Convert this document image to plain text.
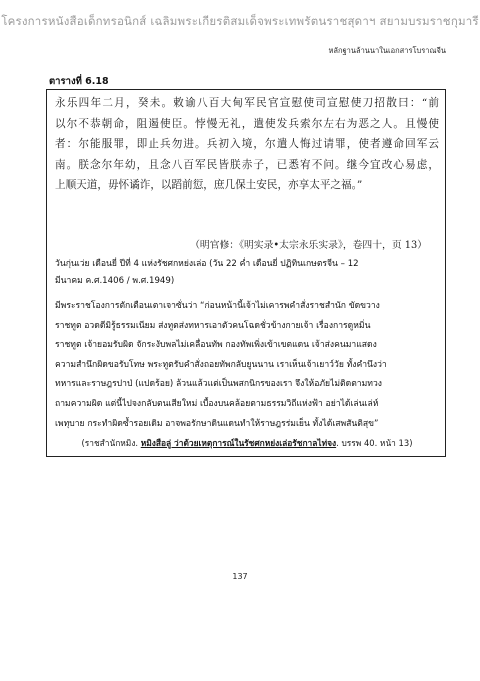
โครงการหนังสือเด็กทรอนิกส์ เฉลิมพระเกียรติสมเด็จพระเทพรัตนราชสุดาฯ สยามบรมราชกุมารี
หลักฐานล้านนาในเอกสารโบราณจีน
ตารางที่ 6.18
永乐四年二月，癸未。敕谕八百大甸军民官宣慰使司宣慰使刀招散曰：“前
以尔不恭朝命，阻遏使臣。悖慢无礼，遣使发兵索尔左右为恶之人。且慢使
者：尔能服罪，即止兵勿进。兵初入境，尔遣人悔过请罪，使者遵命回军云
南。朕念尔年幼，且念八百军民皆朕赤子，已悉宥不问。继今宜改心易虑，
上顺天道，毋怀谲诈，以蹈前愆，庶几保土安民，亦享太平之福。”
（明官修：《明实录•太宗永乐实录》，卷四十，页 13）
วันกุ่นเว่ย เดือนยี่ ปีที่ 4 แห่งรัชศกหย่งเล่อ (วัน 22 ค่ำ เดือนยี่ ปฏิทินเกษตรจีน – 12
มีนาคม ค.ศ.1406 / พ.ศ.1949)
มีพระราชโองการตักเตือนเตาเจาซั่นว่า “ก่อนหน้านี้เจ้าไม่เคารพคำสั่งราชสำนัก ขัดขวาง
ราชทูต อวดดีมิรู้ธรรมเนียม ส่งทูตส่งทหารเอาตัวคนโฉดชั่วข้างกายเจ้า เรื่องการดูหมิ่น
ราชทูต เจ้ายอมรับผิด จักระงับพลไม่เคลื่อนทัพ กองทัพเพิ่งเข้าเขตแดน เจ้าส่งคนมาแสดง
ความสำนึกผิดขอรับโทษ พระทูตรับคำสั่งถอยทัพกลับยูนนาน เราเห็นเจ้าเยาว์วัย ทั้งคำนึงว่า
ทหารและราษฎรปาป่ (แปดร้อย) ล้วนแล้วแต่เป็นพสกนิกรของเรา จึงให้อภัยไม่ติดตามทวง
ถามความผิด แต่นี้ไปจงกลับตนเสียใหม่ เบื้องบนคล้อยตามธรรมวิถีแห่งฟ้า อย่าได้เล่นเล่ห์
เพทุบาย กระทำผิดซ้ำรอยเดิม อาจพอรักษาดินแดนทำให้ราษฎรร่มเย็น ทั้งได้เสพสันติสุข”
(ราชสำนักหมิง. หมิงสือลู่ ว่าด้วยเหตุการณ์ในรัชศกหย่งเล่อรัชกาลไท่จง. บรรพ 40. หน้า 13)
137
